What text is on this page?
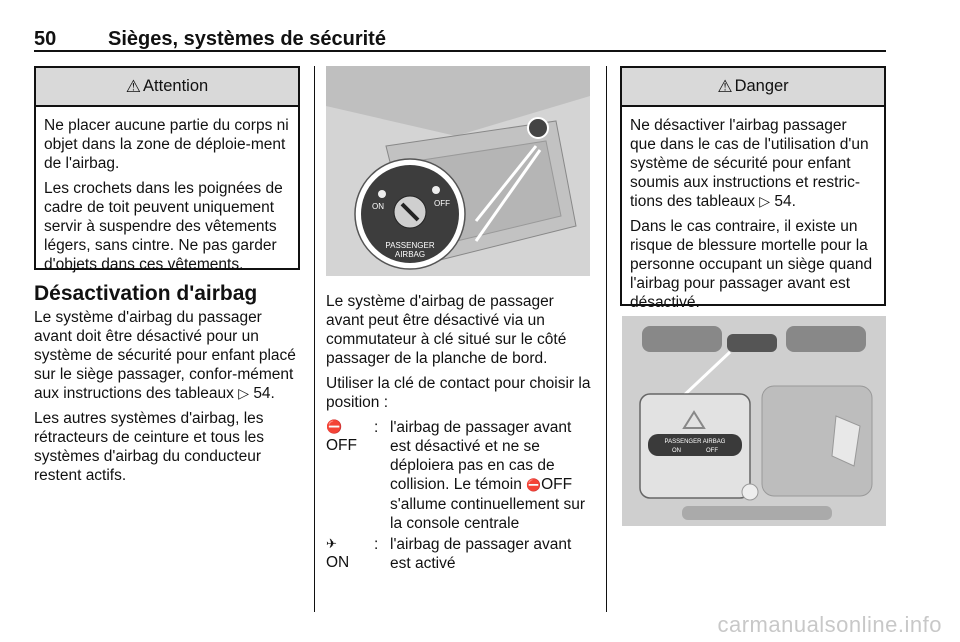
50	Sièges, systèmes de sécurité
⚠ Attention

Ne placer aucune partie du corps ni objet dans la zone de déploie-ment de l'airbag.

Les crochets dans les poignées de cadre de toit peuvent uniquement servir à suspendre des vêtements légers, sans cintre. Ne pas garder d'objets dans ces vêtements.

Désactivation d'airbag

Le système d'airbag du passager avant doit être désactivé pour un système de sécurité pour enfant placé sur le siège passager, confor-mément aux instructions des tableaux ▷ 54.

Les autres systèmes d'airbag, les rétracteurs de ceinture et tous les systèmes d'airbag du conducteur restent actifs.

ON	OFF
PASSENGER
AIRBAG

Le système d'airbag de passager avant peut être désactivé via un commutateur à clé situé sur le côté passager de la planche de bord.

Utiliser la clé de contact pour choisir la position :

⛔
OFF
: l'airbag de passager avant est désactivé et ne se déploiera pas en cas de collision. Le témoin ⛔OFF s'allume continuellement sur la console centrale
✈
ON
: l'airbag de passager avant est activé
⚠ Danger

Ne désactiver l'airbag passager que dans le cas de l'utilisation d'un système de sécurité pour enfant soumis aux instructions et restric-tions des tableaux ▷ 54.

Dans le cas contraire, il existe un risque de blessure mortelle pour la personne occupant un siège quand l'airbag pour passager avant est désactivé.

PASSENGER AIRBAG
ON	OFF
carmanualsonline.info
